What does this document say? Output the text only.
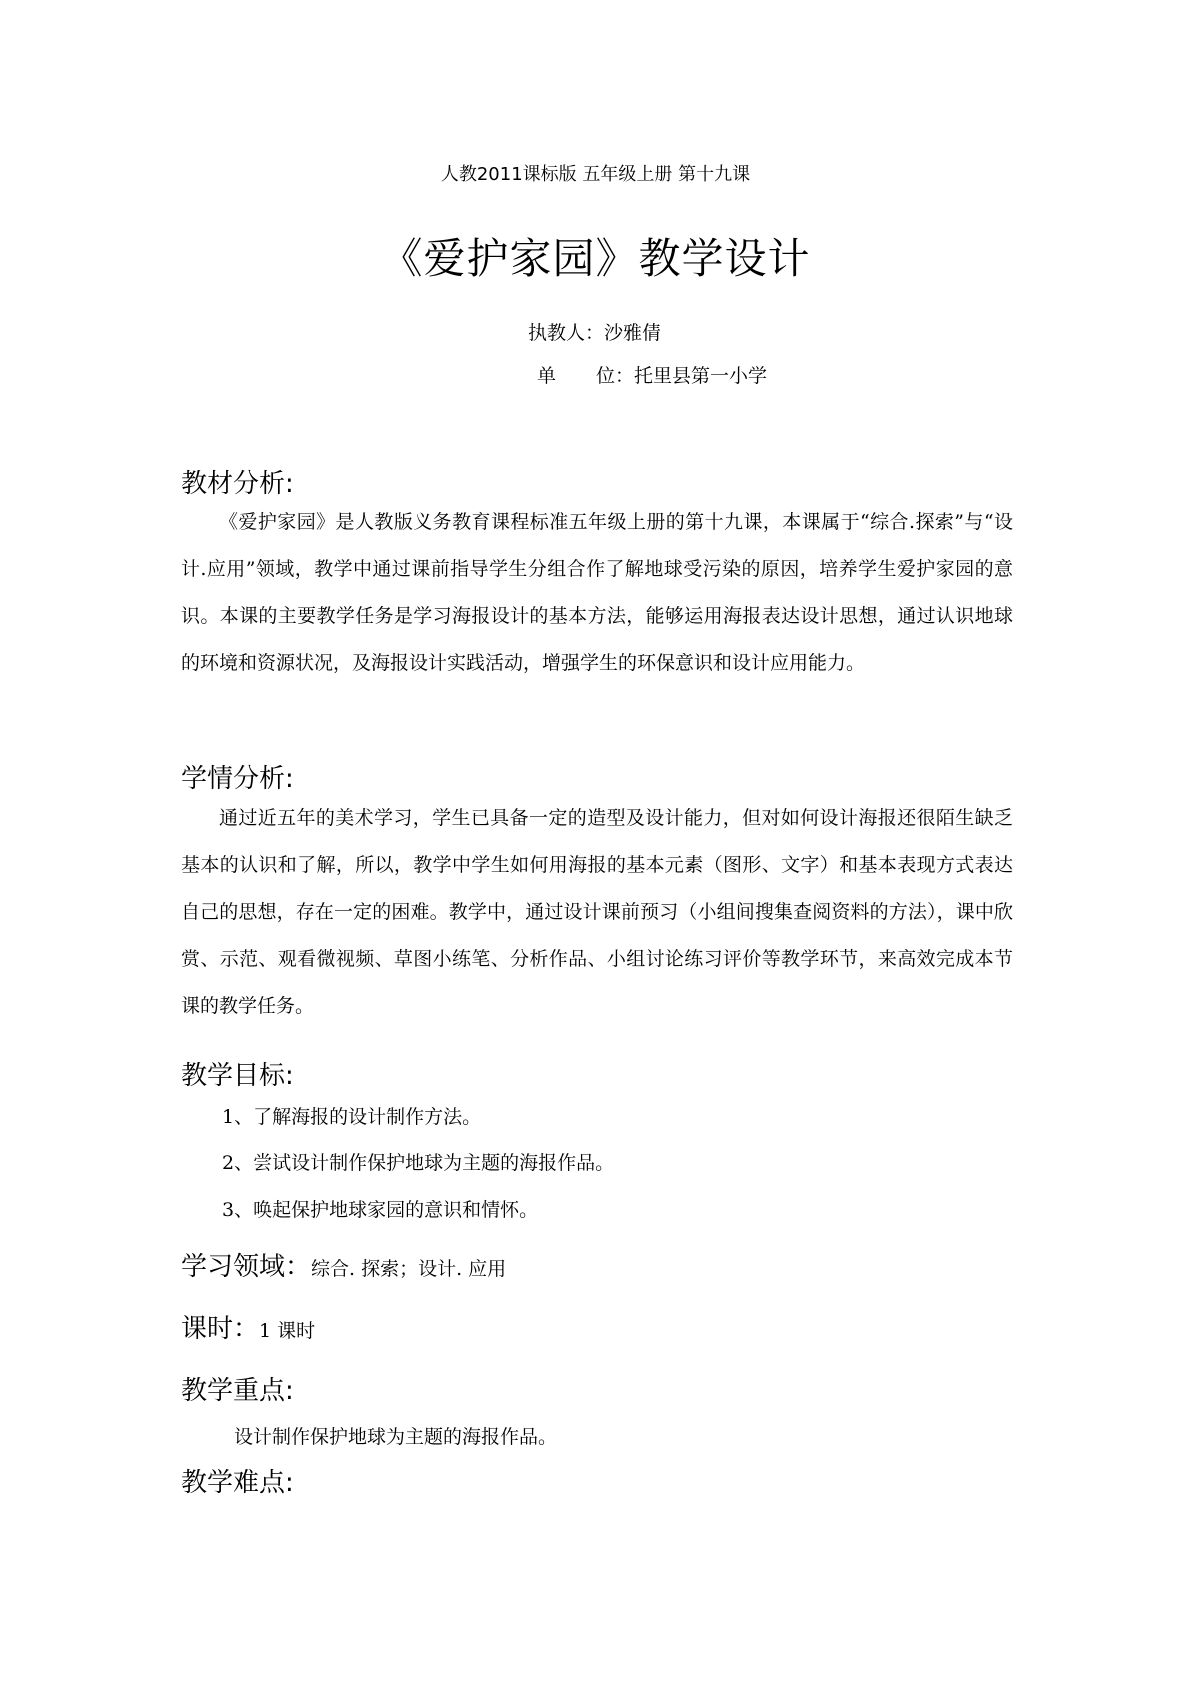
人教2011课标版 五年级上册 第十九课
《爱护家园》教学设计
执教人：沙雅倩
单 位：托里县第一小学
教材分析:

《爱护家园》是人教版义务教育课程标准五年级上册的第十九课，本课属于“综合.探索”与“设计.应用”领域，教学中通过课前指导学生分组合作了解地球受污染的原因，培养学生爱护家园的意识。本课的主要教学任务是学习海报设计的基本方法，能够运用海报表达设计思想，通过认识地球的环境和资源状况，及海报设计实践活动，增强学生的环保意识和设计应用能力。

学情分析:

通过近五年的美术学习，学生已具备一定的造型及设计能力，但对如何设计海报还很陌生缺乏基本的认识和了解，所以，教学中学生如何用海报的基本元素（图形、文字）和基本表现方式表达自己的思想，存在一定的困难。教学中，通过设计课前预习（小组间搜集查阅资料的方法），课中欣赏、示范、观看微视频、草图小练笔、分析作品、小组讨论练习评价等教学环节，来高效完成本节课的教学任务。

教学目标:
1、了解海报的设计制作方法。
2、尝试设计制作保护地球为主题的海报作品。
3、唤起保护地球家园的意识和情怀。
学习领域：综合. 探索；设计. 应用
课时：1 课时
教学重点:
设计制作保护地球为主题的海报作品。
教学难点:
